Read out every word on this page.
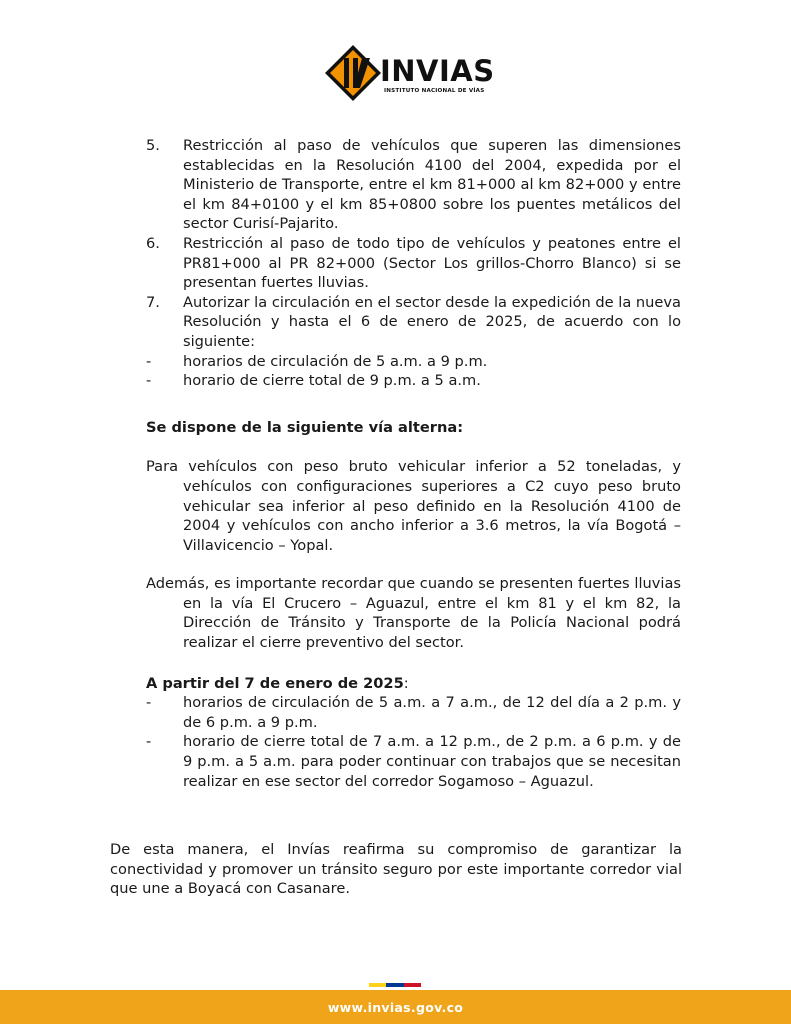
INVIAS
INSTITUTO NACIONAL DE VÍAS
5.	Restricción al paso de vehículos que superen las dimensiones establecidas en la Resolución 4100 del 2004, expedida por el Ministerio de Transporte, entre el km 81+000 al km 82+000 y entre el km 84+0100 y el km 85+0800 sobre los puentes metálicos del sector Curisí-Pajarito.
6.	Restricción al paso de todo tipo de vehículos y peatones entre el PR81+000 al PR 82+000 (Sector Los grillos-Chorro Blanco) si se presentan fuertes lluvias.
7.	Autorizar la circulación en el sector desde la expedición de la nueva Resolución y hasta el 6 de enero de 2025, de acuerdo con lo siguiente:
- horarios de circulación de 5 a.m. a 9 p.m.
- horario de cierre total de 9 p.m. a 5 a.m.
Se dispone de la siguiente vía alterna:
Para vehículos con peso bruto vehicular inferior a 52 toneladas, y vehículos con configuraciones superiores a C2 cuyo peso bruto vehicular sea inferior al peso definido en la Resolución 4100 de 2004 y vehículos con ancho inferior a 3.6 metros, la vía Bogotá – Villavicencio – Yopal.
Además, es importante recordar que cuando se presenten fuertes lluvias en la vía El Crucero – Aguazul, entre el km 81 y el km 82, la Dirección de Tránsito y Transporte de la Policía Nacional podrá realizar el cierre preventivo del sector.
A partir del 7 de enero de 2025:
- horarios de circulación de 5 a.m. a 7 a.m., de 12 del día a 2 p.m. y de 6 p.m. a 9 p.m.
- horario de cierre total de 7 a.m. a 12 p.m., de 2 p.m. a 6 p.m. y de 9 p.m. a 5 a.m. para poder continuar con trabajos que se necesitan realizar en ese sector del corredor Sogamoso – Aguazul.
De esta manera, el Invías reafirma su compromiso de garantizar la conectividad y promover un tránsito seguro por este importante corredor vial que une a Boyacá con Casanare.
www.invias.gov.co
